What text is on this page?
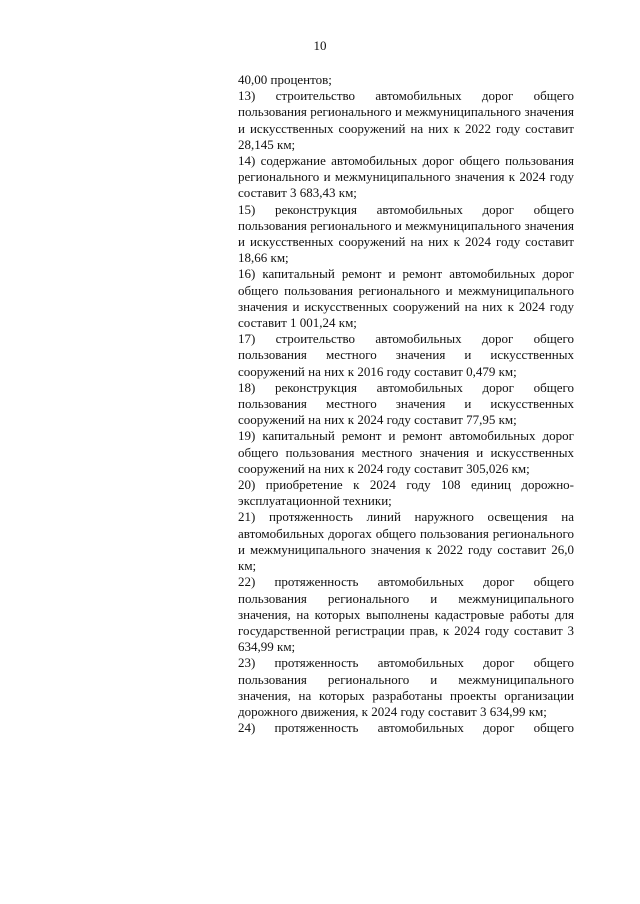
10

40,00 процентов;

13) строительство автомобильных дорог общего пользования регионального и межмуниципального значения и искусственных сооружений на них к 2022 году составит 28,145 км;

14) содержание автомобильных дорог общего пользования регионального и межмуниципального значения к 2024 году составит 3 683,43 км;

15) реконструкция автомобильных дорог общего пользования регионального и межмуниципального значения и искусственных сооружений на них к 2024 году составит 18,66 км;

16) капитальный ремонт и ремонт автомобильных дорог общего пользования регионального и межмуниципального значения и искусственных сооружений на них к 2024 году составит 1 001,24 км;

17) строительство автомобильных дорог общего пользования местного значения и искусственных сооружений на них к 2016 году составит 0,479 км;

18) реконструкция автомобильных дорог общего пользования местного значения и искусственных сооружений на них к 2024 году составит 77,95 км;

19) капитальный ремонт и ремонт автомобильных дорог общего пользования местного значения и искусственных сооружений на них к 2024 году составит 305,026 км;

20) приобретение к 2024 году 108 единиц дорожно-эксплуатационной техники;

21) протяженность линий наружного освещения на автомобильных дорогах общего пользования регионального и межмуниципального значения к 2022 году составит 26,0 км;

22) протяженность автомобильных дорог общего пользования регионального и межмуниципального значения, на которых выполнены кадастровые работы для государственной регистрации прав, к 2024 году составит 3 634,99 км;

23) протяженность автомобильных дорог общего пользования регионального и межмуниципального значения, на которых разработаны проекты организации дорожного движения, к 2024 году составит 3 634,99 км;

24) протяженность автомобильных дорог общего
